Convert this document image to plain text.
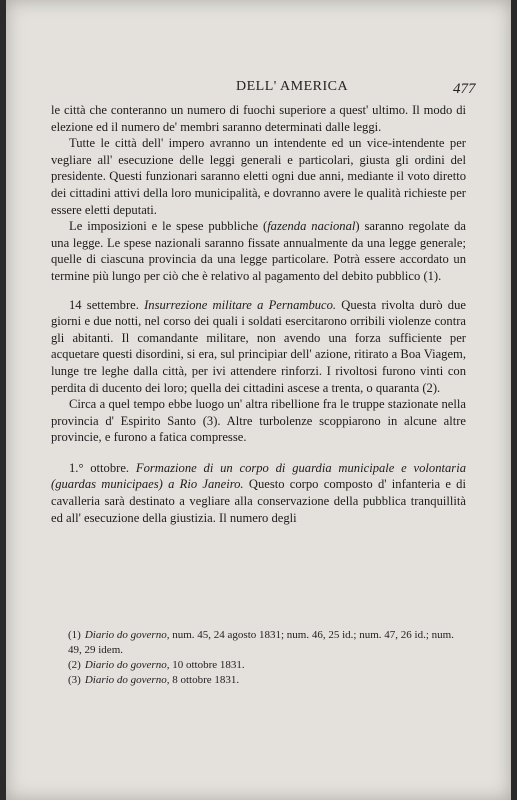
DELL' AMERICA	477

le città che conteranno un numero di fuochi superiore a quest' ultimo. Il modo di elezione ed il numero de' membri saranno determinati dalle leggi.

Tutte le città dell' impero avranno un intendente ed un vice-intendente per vegliare all' esecuzione delle leggi generali e particolari, giusta gli ordini del presidente. Questi funzionari saranno eletti ogni due anni, mediante il voto diretto dei cittadini attivi della loro municipalità, e dovranno avere le qualità richieste per essere eletti deputati.

Le imposizioni e le spese pubbliche (fazenda nacional) saranno regolate da una legge. Le spese nazionali saranno fissate annualmente da una legge generale; quelle di ciascuna provincia da una legge particolare. Potrà essere accordato un termine più lungo per ciò che è relativo al pagamento del debito pubblico (1).

14 settembre. Insurrezione militare a Pernambuco. Questa rivolta durò due giorni e due notti, nel corso dei quali i soldati esercitarono orribili violenze contra gli abitanti. Il comandante militare, non avendo una forza sufficiente per acquetare questi disordini, si era, sul principiar dell' azione, ritirato a Boa Viagem, lunge tre leghe dalla città, per ivi attendere rinforzi. I rivoltosi furono vinti con perdita di ducento dei loro; quella dei cittadini ascese a trenta, o quaranta (2).

Circa a quel tempo ebbe luogo un' altra ribellione fra le truppe stazionate nella provincia d' Espirito Santo (3). Altre turbolenze scoppiarono in alcune altre provincie, e furono a fatica compresse.

1.° ottobre. Formazione di un corpo di guardia municipale e volontaria (guardas municipaes) a Rio Janeiro. Questo corpo composto d' infanteria e di cavalleria sarà destinato a vegliare alla conservazione della pubblica tranquillità ed all' esecuzione della giustizia. Il numero degli

(1) Diario do governo, num. 45, 24 agosto 1831; num. 46, 25 id.; num. 47, 26 id.; num. 49, 29 idem.
(2) Diario do governo, 10 ottobre 1831.
(3) Diario do governo, 8 ottobre 1831.
